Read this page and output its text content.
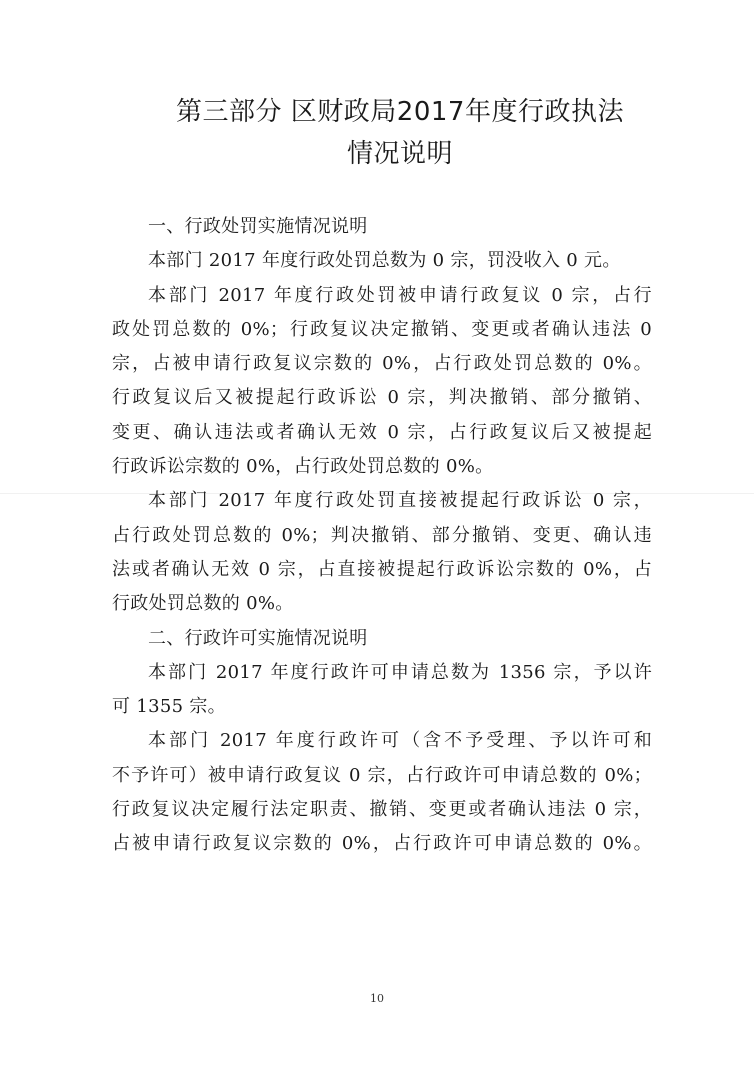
第三部分 区财政局2017年度行政执法
情况说明

一、行政处罚实施情况说明

本部门 2017 年度行政处罚总数为 0 宗，罚没收入 0 元。

本部门 2017 年度行政处罚被申请行政复议 0 宗，占行

政处罚总数的 0%；行政复议决定撤销、变更或者确认违法 0

宗，占被申请行政复议宗数的 0%，占行政处罚总数的 0%。

行政复议后又被提起行政诉讼 0 宗，判决撤销、部分撤销、

变更、确认违法或者确认无效 0 宗，占行政复议后又被提起

行政诉讼宗数的 0%，占行政处罚总数的 0%。

本部门 2017 年度行政处罚直接被提起行政诉讼 0 宗，

占行政处罚总数的 0%；判决撤销、部分撤销、变更、确认违

法或者确认无效 0 宗，占直接被提起行政诉讼宗数的 0%，占

行政处罚总数的 0%。

二、行政许可实施情况说明

本部门 2017 年度行政许可申请总数为 1356 宗，予以许

可 1355 宗。

本部门 2017 年度行政许可（含不予受理、予以许可和

不予许可）被申请行政复议 0 宗，占行政许可申请总数的 0%；

行政复议决定履行法定职责、撤销、变更或者确认违法 0 宗，

占被申请行政复议宗数的 0%，占行政许可申请总数的 0%。

10
